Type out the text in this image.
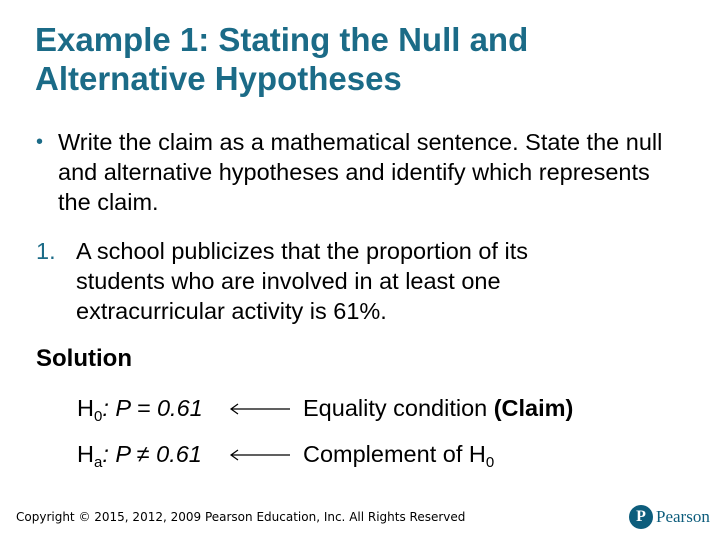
Example 1: Stating the Null and Alternative Hypotheses
• Write the claim as a mathematical sentence. State the null and alternative hypotheses and identify which represents the claim.
1. A school publicizes that the proportion of its students who are involved in at least one extracurricular activity is 61%.
Solution
$H_0$: P = 0.61	Equality condition (Claim)
$H_a$: P ≠ 0.61	Complement of $H_0$
Copyright © 2015, 2012, 2009 Pearson Education, Inc. All Rights Reserved	P Pearson
